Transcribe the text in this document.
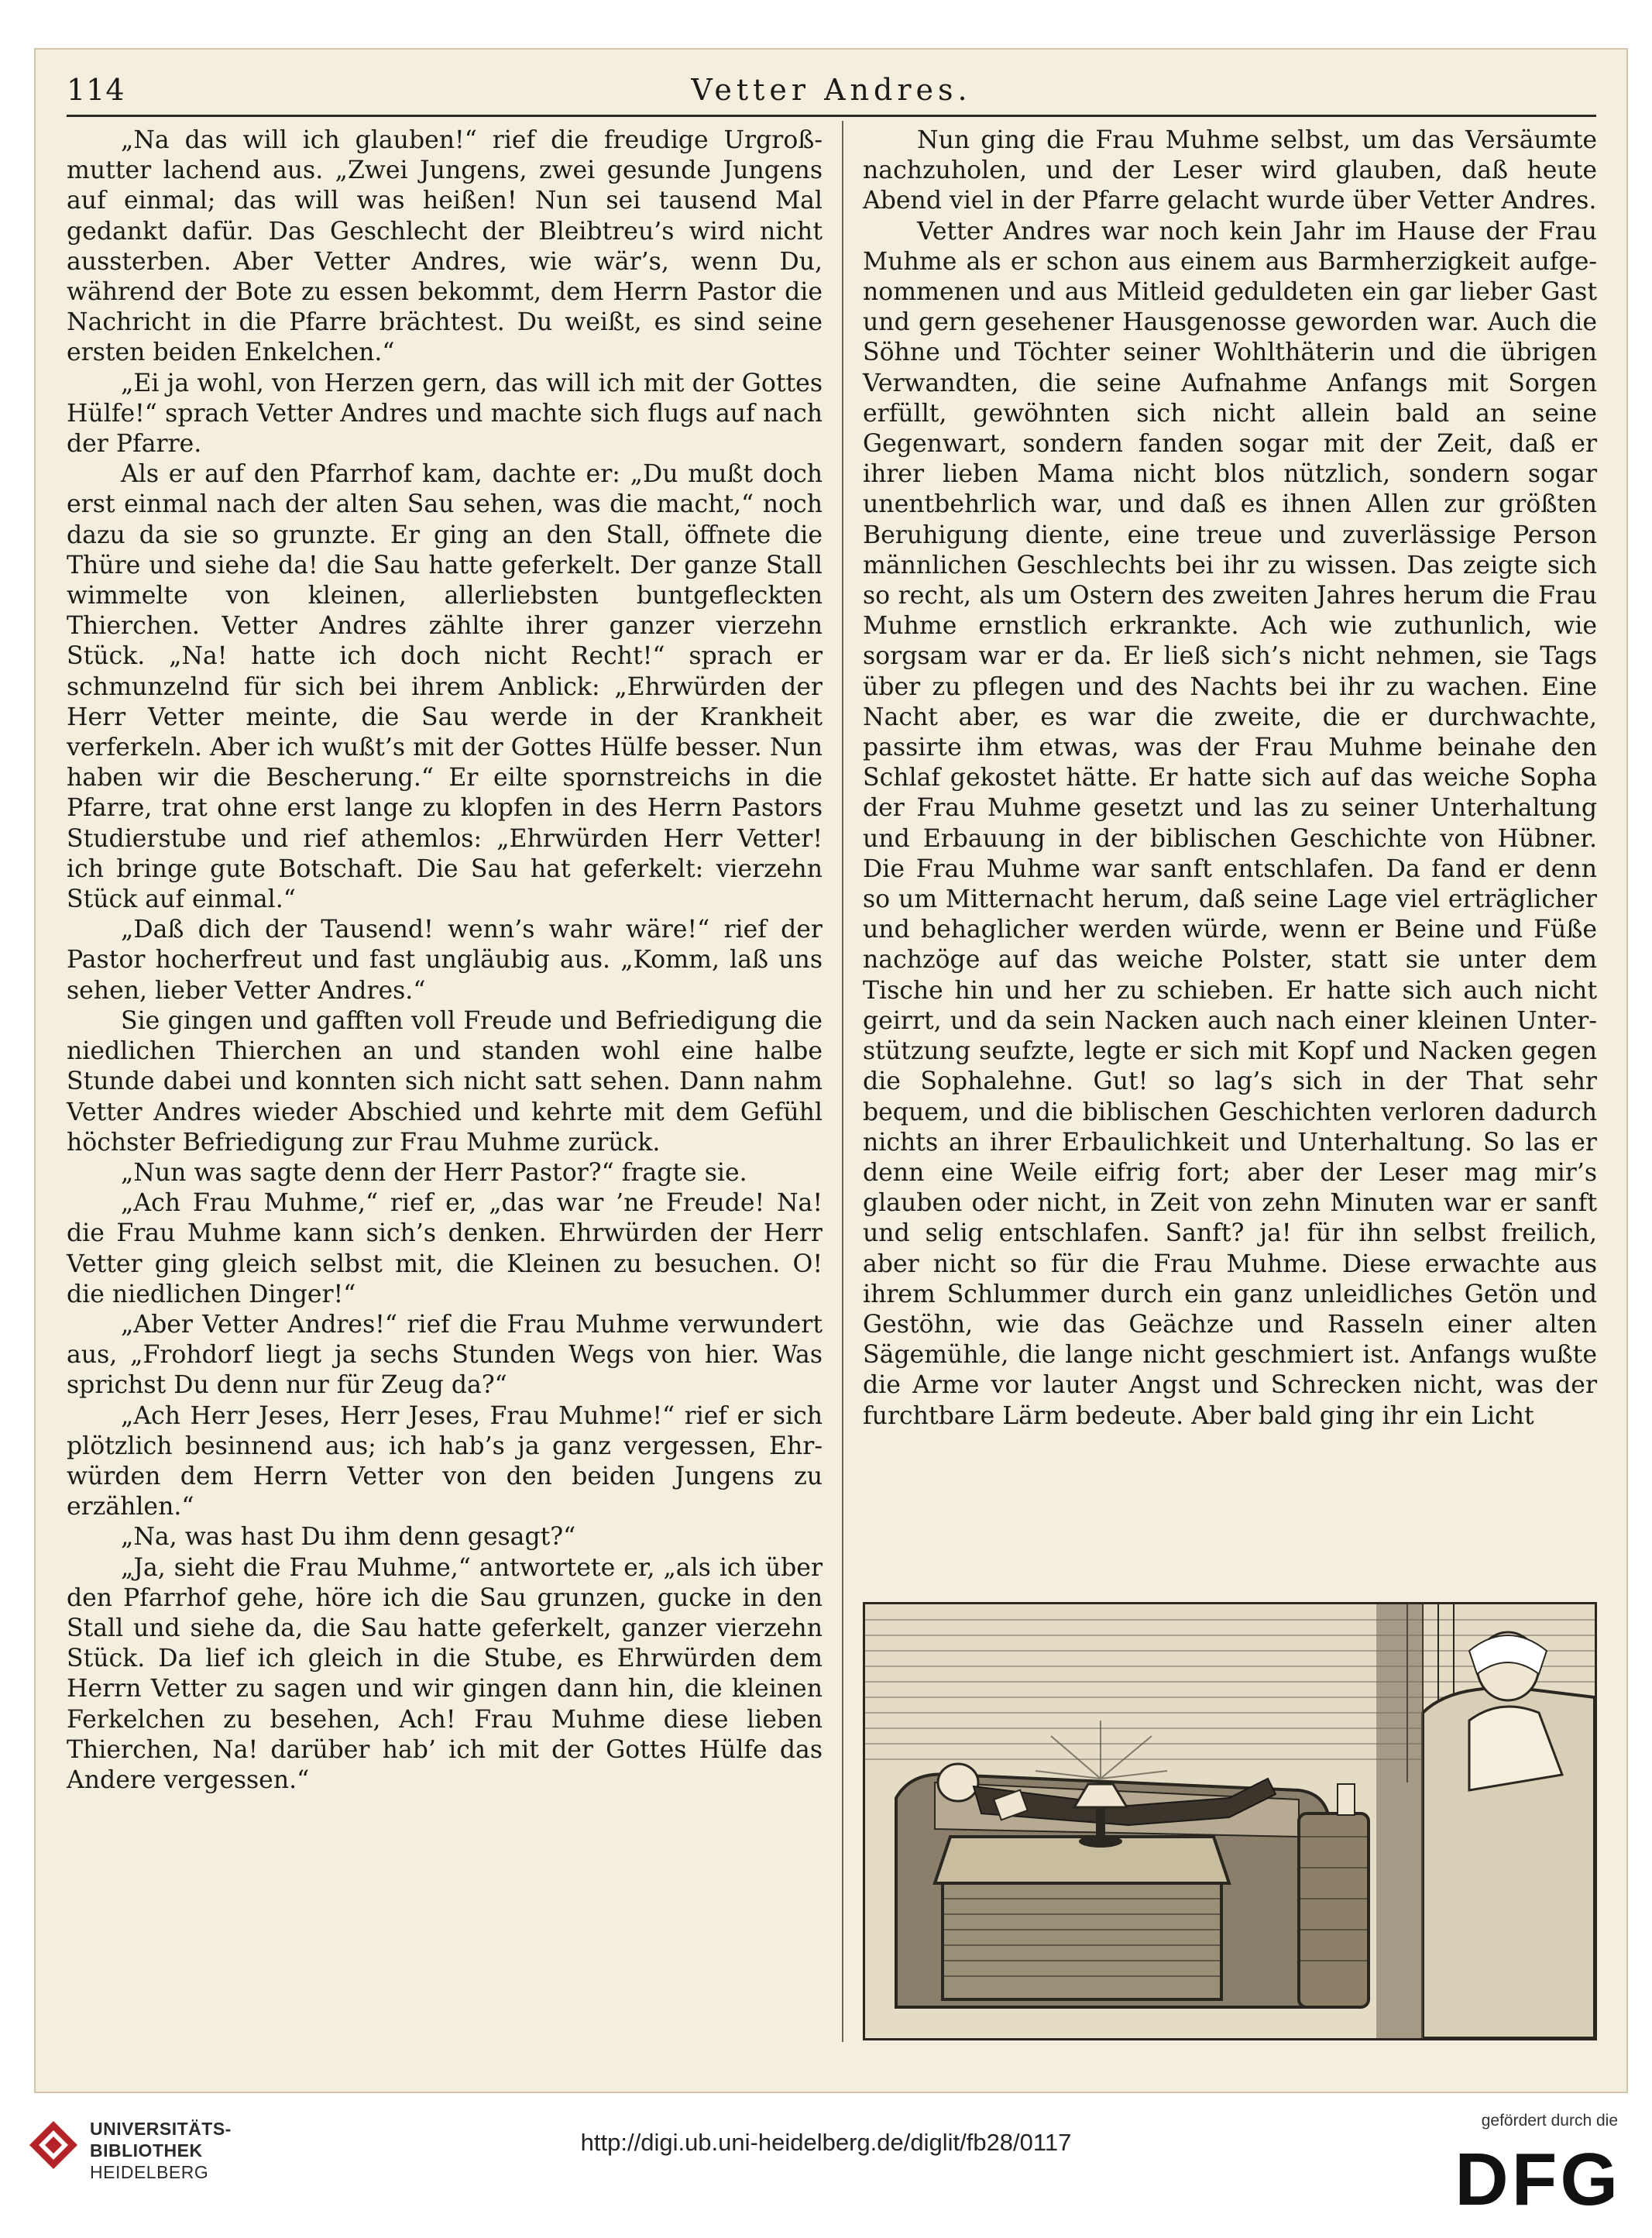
114	Vetter Andres.

„Na das will ich glauben!“ rief die freudige Urgroßmutter lachend aus. „Zwei Jungens, zwei gesunde Jungens auf einmal; das will was heißen! Nun sei tausend Mal gedankt dafür. Das Geschlecht der Bleibtreu’s wird nicht aussterben. Aber Vetter Andres, wie wär’s, wenn Du, während der Bote zu essen bekommt, dem Herrn Pastor die Nachricht in die Pfarre brächtest. Du weißt, es sind seine ersten beiden Enkelchen.“

„Ei ja wohl, von Herzen gern, das will ich mit der Gottes Hülfe!“ sprach Vetter Andres und machte sich flugs auf nach der Pfarre.

Als er auf den Pfarrhof kam, dachte er: „Du mußt doch erst einmal nach der alten Sau sehen, was die macht,“ noch dazu da sie so grunzte. Er ging an den Stall, öffnete die Thüre und siehe da! die Sau hatte geferkelt. Der ganze Stall wimmelte von kleinen, allerliebsten buntgefleckten Thierchen. Vetter Andres zählte ihrer ganzer vierzehn Stück. „Na! hatte ich doch nicht Recht!“ sprach er schmunzelnd für sich bei ihrem Anblick: „Ehrwürden der Herr Vetter meinte, die Sau werde in der Krankheit verferkeln. Aber ich wußt’s mit der Gottes Hülfe besser. Nun haben wir die Bescherung.“ Er eilte spornstreichs in die Pfarre, trat ohne erst lange zu klopfen in des Herrn Pastors Studierstube und rief athemlos: „Ehrwürden Herr Vetter! ich bringe gute Botschaft. Die Sau hat geferkelt: vierzehn Stück auf einmal.“

„Daß dich der Tausend! wenn’s wahr wäre!“ rief der Pastor hocherfreut und fast ungläubig aus. „Komm, laß uns sehen, lieber Vetter Andres.“

Sie gingen und gafften voll Freude und Befriedigung die niedlichen Thierchen an und standen wohl eine halbe Stunde dabei und konnten sich nicht satt sehen. Dann nahm Vetter Andres wieder Abschied und kehrte mit dem Gefühl höchster Befriedigung zur Frau Muhme zurück.

„Nun was sagte denn der Herr Pastor?“ fragte sie.

„Ach Frau Muhme,“ rief er, „das war ’ne Freude! Na! die Frau Muhme kann sich’s denken. Ehrwürden der Herr Vetter ging gleich selbst mit, die Kleinen zu besuchen. O! die niedlichen Dinger!“

„Aber Vetter Andres!“ rief die Frau Muhme verwundert aus, „Frohdorf liegt ja sechs Stunden Wegs von hier. Was sprichst Du denn nur für Zeug da?“

„Ach Herr Jeses, Herr Jeses, Frau Muhme!“ rief er sich plötzlich besinnend aus; ich hab’s ja ganz vergessen, Ehrwürden dem Herrn Vetter von den beiden Jungens zu erzählen.“

„Na, was hast Du ihm denn gesagt?“

„Ja, sieht die Frau Muhme,“ antwortete er, „als ich über den Pfarrhof gehe, höre ich die Sau grunzen, gucke in den Stall und siehe da, die Sau hatte geferkelt, ganzer vierzehn Stück. Da lief ich gleich in die Stube, es Ehrwürden dem Herrn Vetter zu sagen und wir gingen dann hin, die kleinen Ferkelchen zu besehen, Ach! Frau Muhme diese lieben Thierchen, Na! darüber hab’ ich mit der Gottes Hülfe das Andere vergessen.“

Nun ging die Frau Muhme selbst, um das Versäumte nachzuholen, und der Leser wird glauben, daß heute Abend viel in der Pfarre gelacht wurde über Vetter Andres.

Vetter Andres war noch kein Jahr im Hause der Frau Muhme als er schon aus einem aus Barmherzigkeit aufgenommenen und aus Mitleid geduldeten ein gar lieber Gast und gern gesehener Hausgenosse geworden war. Auch die Söhne und Töchter seiner Wohlthäterin und die übrigen Verwandten, die seine Aufnahme Anfangs mit Sorgen erfüllt, gewöhnten sich nicht allein bald an seine Gegenwart, sondern fanden sogar mit der Zeit, daß er ihrer lieben Mama nicht blos nützlich, sondern sogar unentbehrlich war, und daß es ihnen Allen zur größten Beruhigung diente, eine treue und zuverlässige Person männlichen Geschlechts bei ihr zu wissen. Das zeigte sich so recht, als um Ostern des zweiten Jahres herum die Frau Muhme ernstlich erkrankte. Ach wie zuthunlich, wie sorgsam war er da. Er ließ sich’s nicht nehmen, sie Tags über zu pflegen und des Nachts bei ihr zu wachen. Eine Nacht aber, es war die zweite, die er durchwachte, passirte ihm etwas, was der Frau Muhme beinahe den Schlaf gekostet hätte. Er hatte sich auf das weiche Sopha der Frau Muhme gesetzt und las zu seiner Unterhaltung und Erbauung in der biblischen Geschichte von Hübner. Die Frau Muhme war sanft entschlafen. Da fand er denn so um Mitternacht herum, daß seine Lage viel erträglicher und behaglicher werden würde, wenn er Beine und Füße nachzöge auf das weiche Polster, statt sie unter dem Tische hin und her zu schieben. Er hatte sich auch nicht geirrt, und da sein Nacken auch nach einer kleinen Unterstützung seufzte, legte er sich mit Kopf und Nacken gegen die Sophalehne. Gut! so lag’s sich in der That sehr bequem, und die biblischen Geschichten verloren dadurch nichts an ihrer Erbaulichkeit und Unterhaltung. So las er denn eine Weile eifrig fort; aber der Leser mag mir’s glauben oder nicht, in Zeit von zehn Minuten war er sanft und selig entschlafen. Sanft? ja! für ihn selbst freilich, aber nicht so für die Frau Muhme. Diese erwachte aus ihrem Schlummer durch ein ganz unleidliches Getön und Gestöhn, wie das Geächze und Rasseln einer alten Sägemühle, die lange nicht geschmiert ist. Anfangs wußte die Arme vor lauter Angst und Schrecken nicht, was der furchtbare Lärm bedeute. Aber bald ging ihr ein Licht

UNIVERSITÄTS-
BIBLIOTHEK
HEIDELBERG
http://digi.ub.uni-heidelberg.de/diglit/fb28/0117
gefördert durch die
DFG
